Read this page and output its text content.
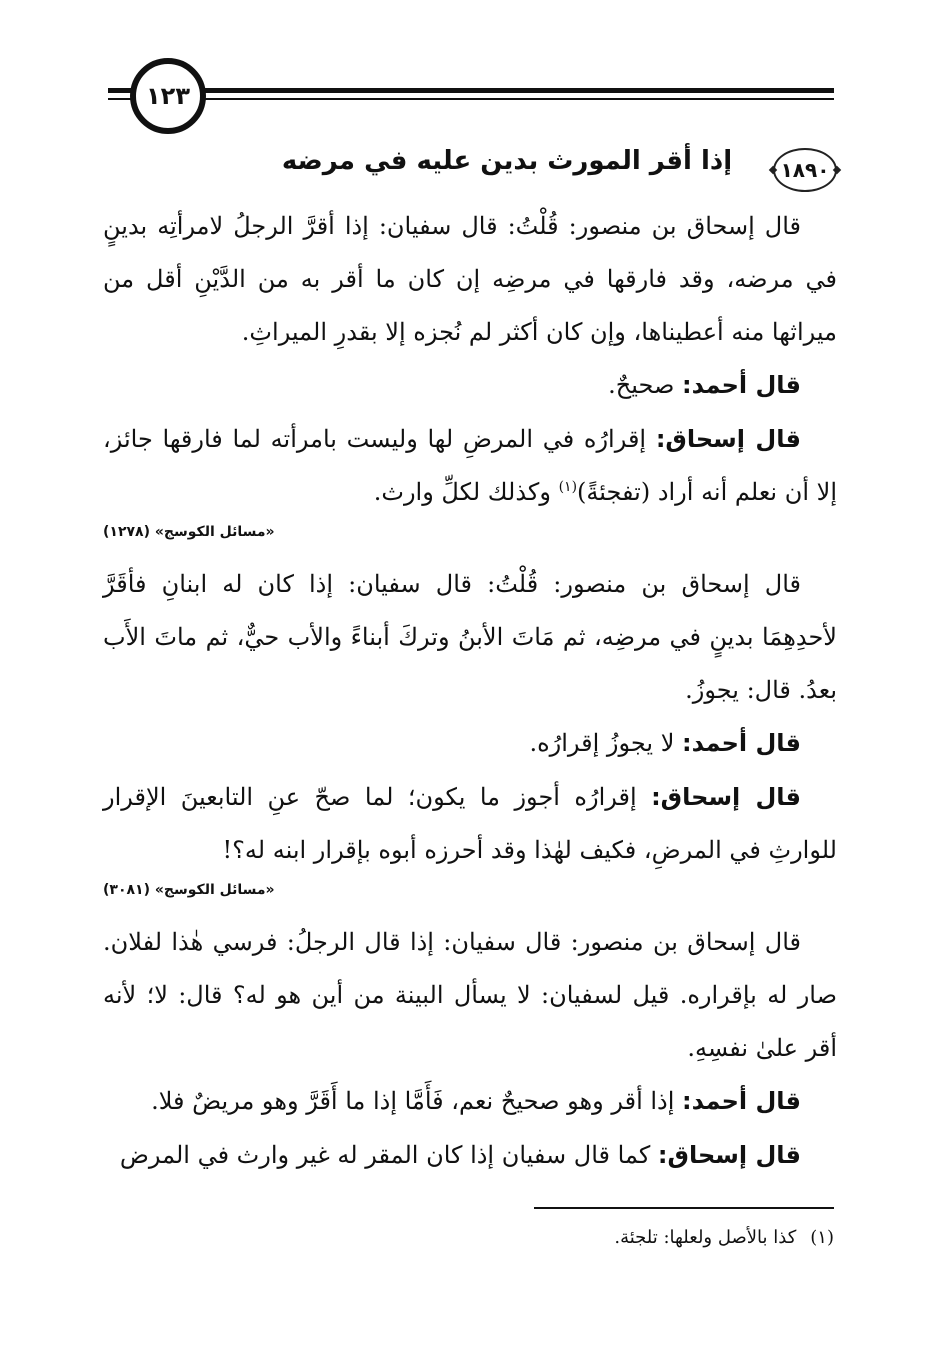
١٢٣
١٨٩٠
إذا أقر المورث بدين عليه في مرضه

قال إسحاق بن منصور: قُلْتُ: قال سفيان: إذا أقرَّ الرجلُ لامرأتِه بدينٍ في مرضه، وقد فارقها في مرضِه إن كان ما أقر به من الدَّيْنِ أقل من ميراثها منه أعطيناها، وإن كان أكثر لم نُجزه إلا بقدرِ الميراثِ.

قال أحمد: صحيحٌ.

قال إسحاق: إقرارُه في المرضِ لها وليست بامرأته لما فارقها جائز، إلا أن نعلم أنه أراد (تفجئةً)$^{(١)}$ وكذلك لكلِّ وارث.

«مسائل الكوسج» (١٢٧٨)

قال إسحاق بن منصور: قُلْتُ: قال سفيان: إذا كان له ابنانِ فأقَرَّ لأحدِهِمَا بدينٍ في مرضِه، ثم مَاتَ الأبنُ وتركَ أبناءً والأب حيٌّ، ثم ماتَ الأَب بعدُ. قال: يجوزُ.

قال أحمد: لا يجوزُ إقرارُه.

قال إسحاق: إقرارُه أجوز ما يكون؛ لما صحّ عنِ التابعينَ الإقرار للوارثِ في المرضِ، فكيف لهٰذا وقد أحرزه أبوه بإقرار ابنه له؟!

«مسائل الكوسج» (٣٠٨١)

قال إسحاق بن منصور: قال سفيان: إذا قال الرجلُ: فرسي هٰذا لفلان. صار له بإقراره. قيل لسفيان: لا يسأل البينة من أين هو له؟ قال: لا؛ لأنه أقر علىٰ نفسِهِ.

قال أحمد: إذا أقر وهو صحيحٌ نعم، فَأَمَّا إذا ما أَقَرَّ وهو مريضٌ فلا.

قال إسحاق: كما قال سفيان إذا كان المقر له غير وارث في المرض

(١)كذا بالأصل ولعلها: تلجئة.
